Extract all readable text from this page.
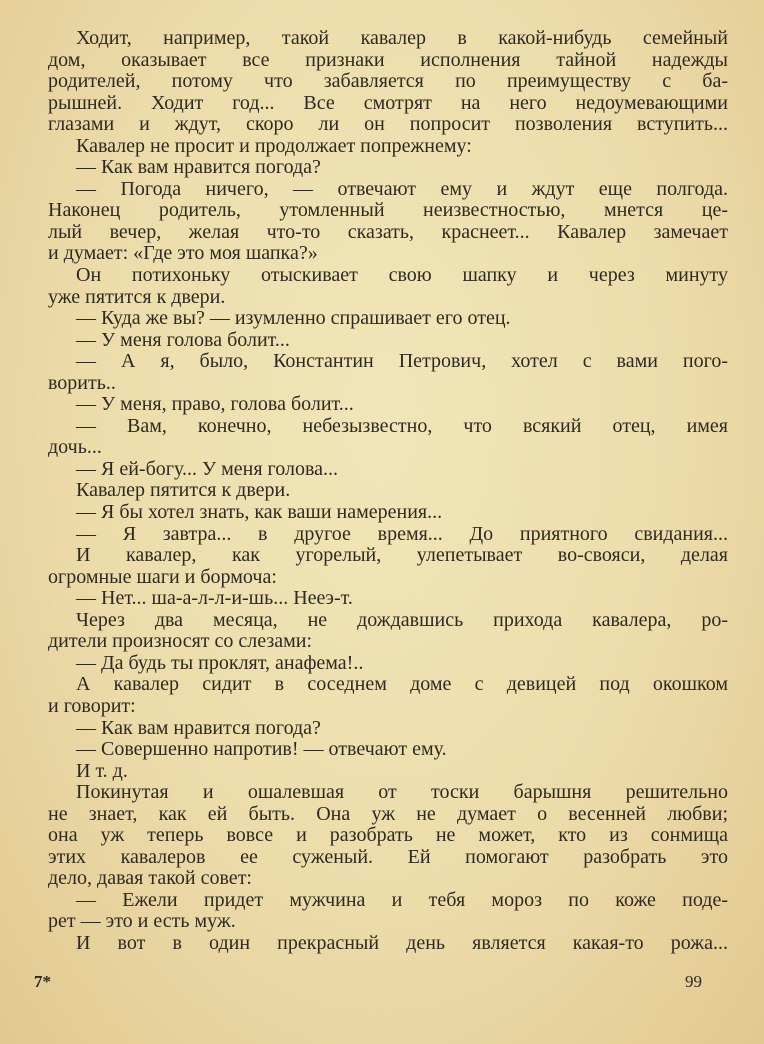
Ходит, например, такой кавалер в какой-нибудь семейный
дом, оказывает все признаки исполнения тайной надежды
родителей, потому что забавляется по преимуществу с ба-
рышней. Ходит год... Все смотрят на него недоумевающими
глазами и ждут, скоро ли он попросит позволения вступить...
Кавалер не просит и продолжает попрежнему:
— Как вам нравится погода?
— Погода ничего, — отвечают ему и ждут еще полгода.
Наконец родитель, утомленный неизвестностью, мнется це-
лый вечер, желая что-то сказать, краснеет... Кавалер замечает
и думает: «Где это моя шапка?»
Он потихоньку отыскивает свою шапку и через минуту
уже пятится к двери.
— Куда же вы? — изумленно спрашивает его отец.
— У меня голова болит...
— А я, было, Константин Петрович, хотел с вами пого-
ворить..
— У меня, право, голова болит...
— Вам, конечно, небезызвестно, что всякий отец, имея
дочь...
— Я ей-богу... У меня голова...
Кавалер пятится к двери.
— Я бы хотел знать, как ваши намерения...
— Я завтра... в другое время... До приятного свидания...
И кавалер, как угорелый, улепетывает во-свояси, делая
огромные шаги и бормоча:
— Нет... ша-а-л-л-и-шь... Нееэ-т.
Через два месяца, не дождавшись прихода кавалера, ро-
дители произносят со слезами:
— Да будь ты проклят, анафема!..
А кавалер сидит в соседнем доме с девицей под окошком
и говорит:
— Как вам нравится погода?
— Совершенно напротив! — отвечают ему.
И т. д.
Покинутая и ошалевшая от тоски барышня решительно
не знает, как ей быть. Она уж не думает о весенней любви;
она уж теперь вовсе и разобрать не может, кто из сонмища
этих кавалеров ее суженый. Ей помогают разобрать это
дело, давая такой совет:
— Ежели придет мужчина и тебя мороз по коже поде-
рет — это и есть муж.
И вот в один прекрасный день является какая-то рожа...
7*	99
